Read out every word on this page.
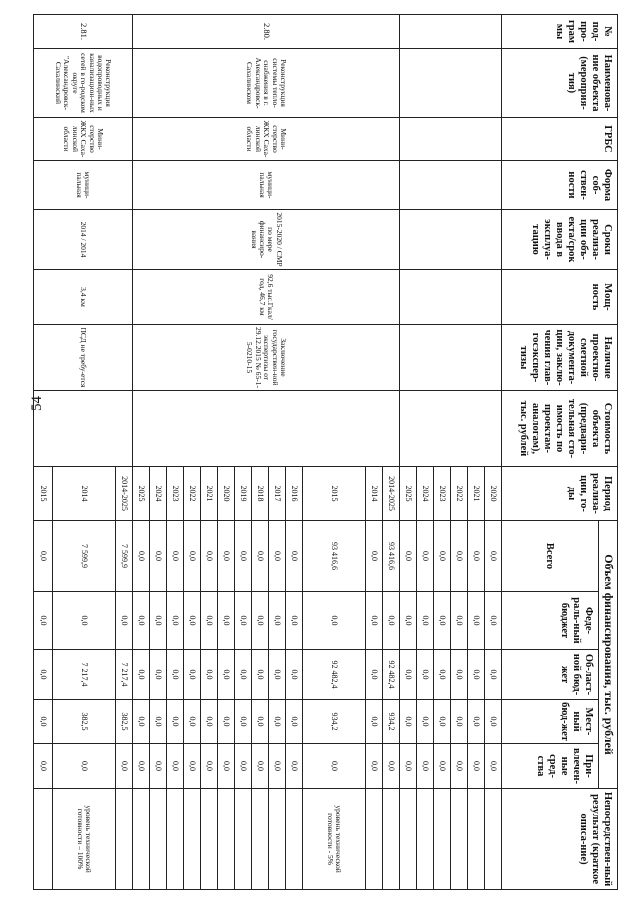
54
№ под-про-грам мы	Наименова-ние объекта (мероприя-тия)	ГРБС	Форма соб-ствен-ности	Сроки реализа-ции объ-екта/срок ввода в эксплуа-тацию	Мощ-ность	Наличие проектно-сметной документа-ции, заклю-чения глав-госэкспер-тизы	Стоимость объекта (предвари-тельная сто-имость по проектам-аналогам), тыс. рублей	Период реализа-ции, го-ды	Объем финансирования, тыс. рублей					Непосредствен-ный результат (краткое описа-ние)
									Всего	Феде-раль-ный бюджет	Об-ласт-ной бюд-жет	Мест-ный бюд-жет	При-влечен-ные сред-ства	
								2020	0,0	0,0	0,0	0,0	0,0	
								2021	0,0	0,0	0,0	0,0	0,0	
								2022	0,0	0,0	0,0	0,0	0,0	
								2023	0,0	0,0	0,0	0,0	0,0	
								2024	0,0	0,0	0,0	0,0	0,0	
								2025	0,0	0,0	0,0	0,0	0,0	
2.80.	Реконструкция системы тепло-снабжения в г. Александровск-Сахалинском	Мини-стерство ЖКХ Саха-линской области	муници-пальная	2015-2020 / СМР по мере финансиро-вания	92,6 тыс.Гкал/ год, 46,7 км	Заключение государствен-ной экспертизы от 29.12.2015 № 65-1-5-0210-15		2014-2025	93 416,6	0,0	92 482,4	934,2	0,0	
								2014	0,0	0,0	0,0	0,0	0,0	
								2015	93 416,6	0,0	92 482,4	934,2	0,0	уровень технической готовности - 5%
								2016	0,0	0,0	0,0	0,0	0,0	
								2017	0,0	0,0	0,0	0,0	0,0	
								2018	0,0	0,0	0,0	0,0	0,0	
								2019	0,0	0,0	0,0	0,0	0,0	
								2020	0,0	0,0	0,0	0,0	0,0	
								2021	0,0	0,0	0,0	0,0	0,0	
								2022	0,0	0,0	0,0	0,0	0,0	
								2023	0,0	0,0	0,0	0,0	0,0	
								2024	0,0	0,0	0,0	0,0	0,0	
								2025	0,0	0,0	0,0	0,0	0,0	
2.81.	Реконструкция водопроводных и канализацион-ных сетей в го-родском округе "Александровск-Сахалинский	Мини-стерство ЖКХ Саха-линской области	муници-пальная	2014 / 2014	3,4 км	ПСД не требу-ется		2014-2025	7 599,9	0,0	7 217,4	382,5	0,0	
								2014	7 599,9	0,0	7 217,4	382,5	0,0	уровень технической готовности – 100%
								2015	0,0	0,0	0,0	0,0	0,0	
